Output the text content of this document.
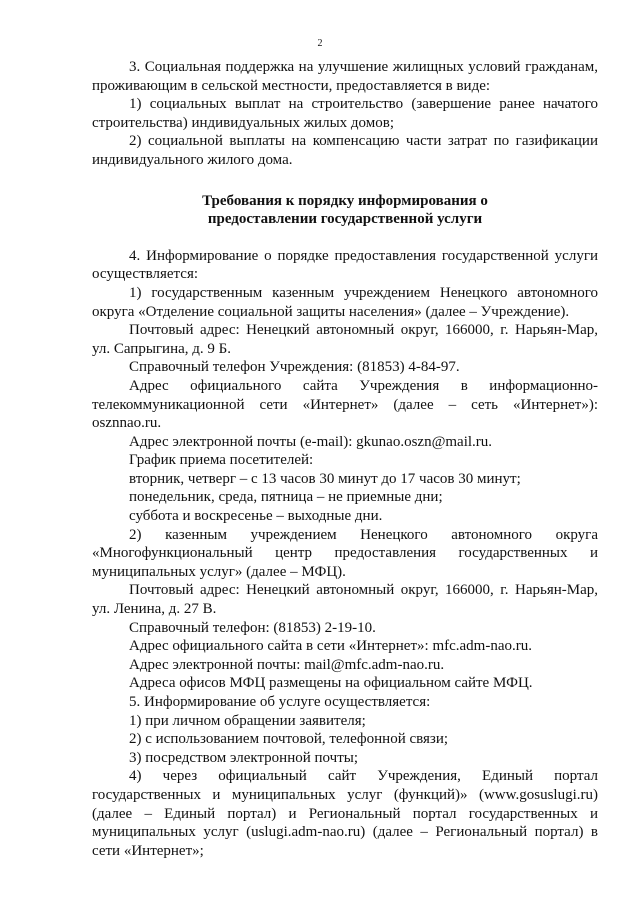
2

3. Социальная поддержка на улучшение жилищных условий гражданам, проживающим в сельской местности, предоставляется в виде:

1) социальных выплат на строительство (завершение ранее начатого строительства) индивидуальных жилых домов;

2) социальной выплаты на компенсацию части затрат по газификации индивидуального жилого дома.

Требования к порядку информирования о
предоставлении государственной услуги

4. Информирование о порядке предоставления государственной услуги осуществляется:

1) государственным казенным учреждением Ненецкого автономного округа «Отделение социальной защиты населения» (далее – Учреждение).

Почтовый адрес: Ненецкий автономный округ, 166000, г. Нарьян-Мар, ул. Сапрыгина, д. 9 Б.

Справочный телефон Учреждения: (81853) 4-84-97.

Адрес официального сайта Учреждения в информационно-телекоммуникационной сети «Интернет» (далее – сеть «Интернет»): osznnao.ru.

Адрес электронной почты (e-mail): gkunao.oszn@mail.ru.

График приема посетителей:

вторник, четверг – с 13 часов 30 минут до 17 часов 30 минут;

понедельник, среда, пятница – не приемные дни;

суббота и воскресенье – выходные дни.

2) казенным учреждением Ненецкого автономного округа «Многофункциональный центр предоставления государственных и муниципальных услуг» (далее – МФЦ).

Почтовый адрес: Ненецкий автономный округ, 166000, г. Нарьян-Мар, ул. Ленина, д. 27 В.

Справочный телефон: (81853) 2-19-10.

Адрес официального сайта в сети «Интернет»: mfc.adm-nao.ru.

Адрес электронной почты: mail@mfc.adm-nao.ru.

Адреса офисов МФЦ размещены на официальном сайте МФЦ.

5. Информирование об услуге осуществляется:

1) при личном обращении заявителя;

2) с использованием почтовой, телефонной связи;

3) посредством электронной почты;

4) через официальный сайт Учреждения, Единый портал государственных и муниципальных услуг (функций)» (www.gosuslugi.ru) (далее – Единый портал) и Региональный портал государственных и муниципальных услуг (uslugi.adm-nao.ru) (далее – Региональный портал) в сети «Интернет»;
